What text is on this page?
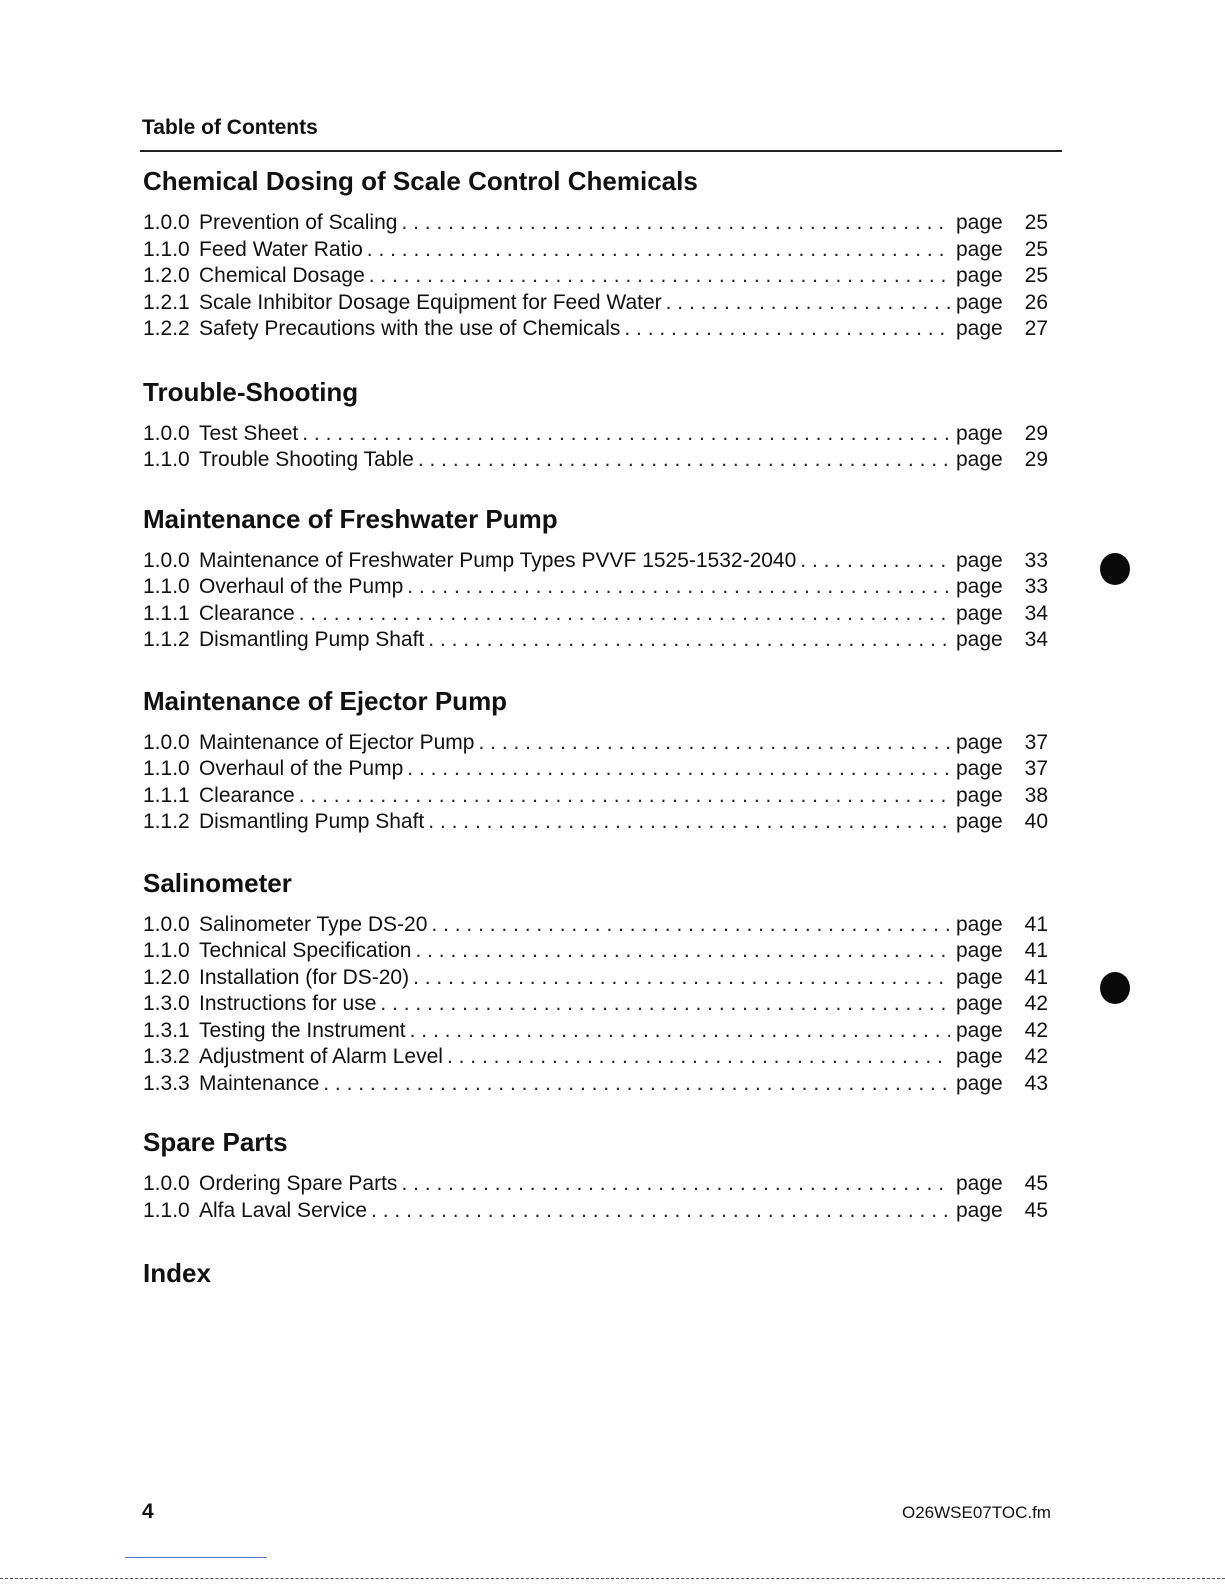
Table of Contents
Chemical Dosing of Scale Control Chemicals
1.0.0 Prevention of Scaling . . .	page	25
1.1.0 Feed Water Ratio . . .	page	25
1.2.0 Chemical Dosage . . .	page	25
1.2.1 Scale Inhibitor Dosage Equipment for Feed Water . . .	page	26
1.2.2 Safety Precautions with the use of Chemicals . . .	page	27
Trouble-Shooting
1.0.0 Test Sheet . . .	page	29
1.1.0 Trouble Shooting Table . . .	page	29
Maintenance of Freshwater Pump
1.0.0 Maintenance of Freshwater Pump Types PVVF 1525-1532-2040 . . .	page	33
1.1.0 Overhaul of the Pump . . .	page	33
1.1.1 Clearance . . .	page	34
1.1.2 Dismantling Pump Shaft . . .	page	34
Maintenance of Ejector Pump
1.0.0 Maintenance of Ejector Pump . . .	page	37
1.1.0 Overhaul of the Pump . . .	page	37
1.1.1 Clearance . . .	page	38
1.1.2 Dismantling Pump Shaft . . .	page	40
Salinometer
1.0.0 Salinometer Type DS-20 . . .	page	41
1.1.0 Technical Specification . . .	page	41
1.2.0 Installation (for DS-20) . . .	page	41
1.3.0 Instructions for use . . .	page	42
1.3.1 Testing the Instrument . . .	page	42
1.3.2 Adjustment of Alarm Level . . .	page	42
1.3.3 Maintenance . . .	page	43
Spare Parts
1.0.0 Ordering Spare Parts . . .	page	45
1.1.0 Alfa Laval Service . . .	page	45
Index
4	O26WSE07TOC.fm
